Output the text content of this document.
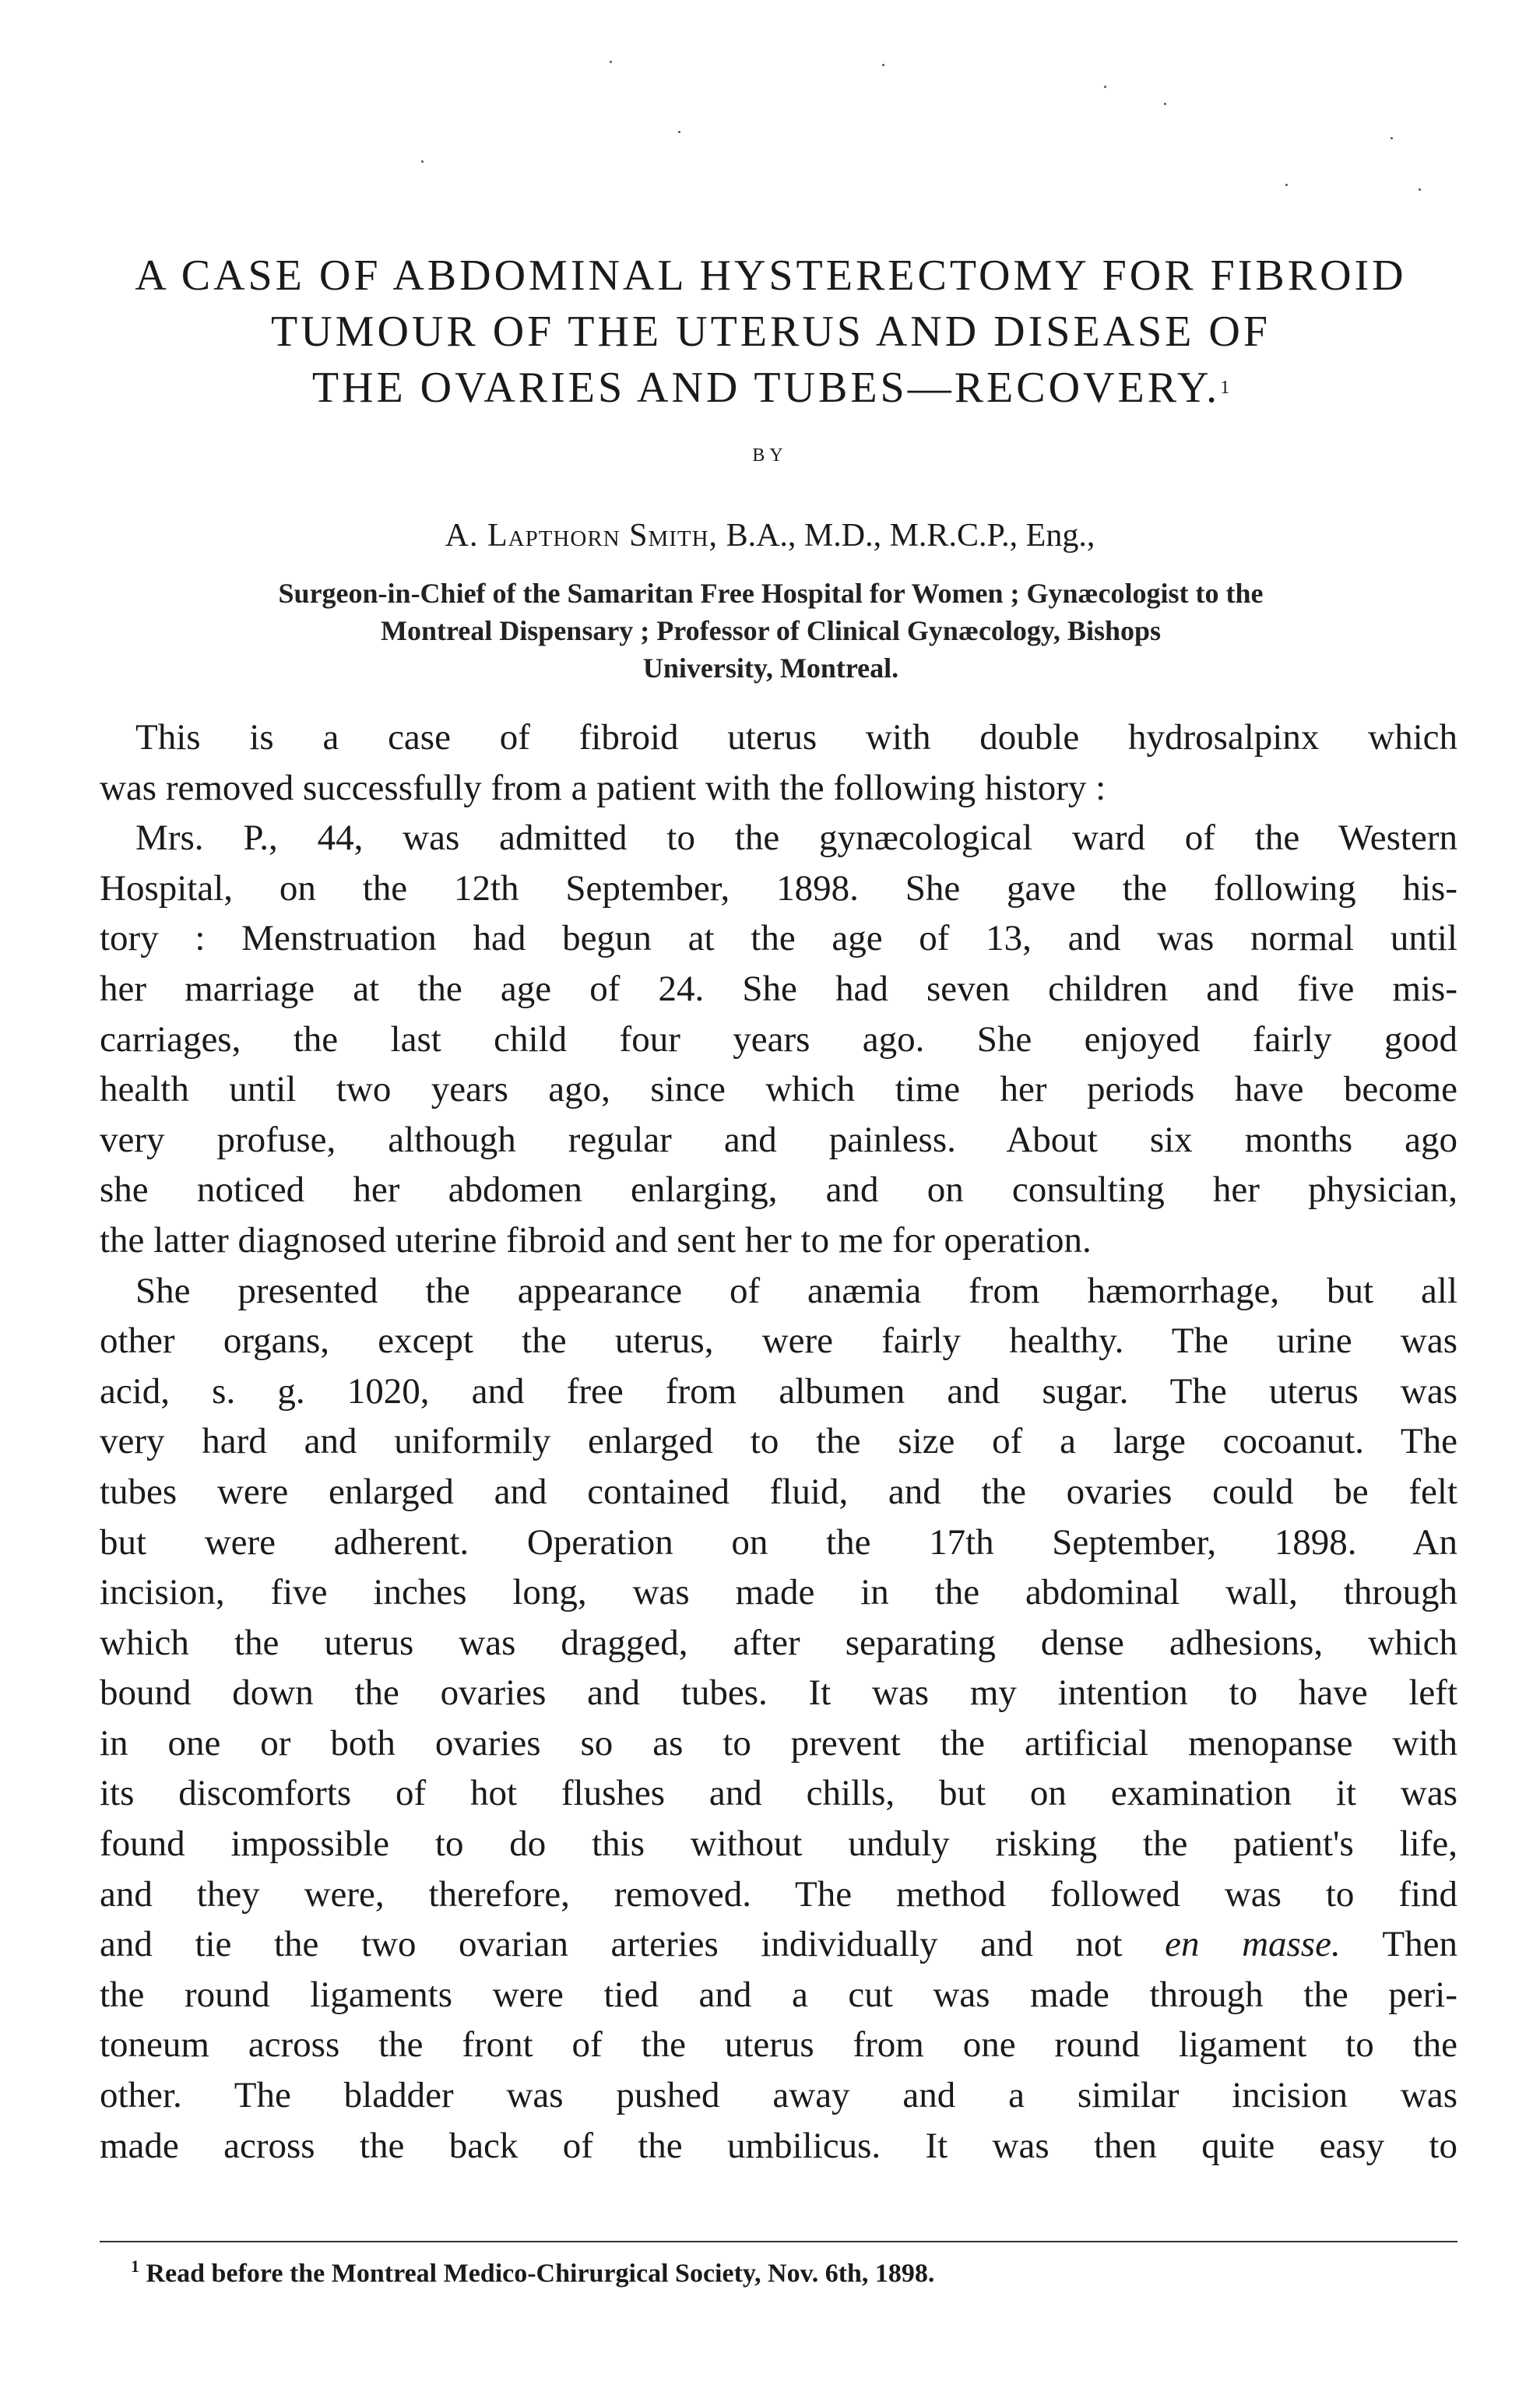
A CASE OF ABDOMINAL HYSTERECTOMY FOR FIBROID
TUMOUR OF THE UTERUS AND DISEASE OF
THE OVARIES AND TUBES—RECOVERY.$^1$
BY
A. Lapthorn Smith, B.A., M.D., M.R.C.P., Eng.,
Surgeon-in-Chief of the Samaritan Free Hospital for Women ; Gynæcologist to the
Montreal Dispensary ; Professor of Clinical Gynæcology, Bishops
University, Montreal.
This is a case of fibroid uterus with double hydrosalpinx which
was removed successfully from a patient with the following history :
Mrs. P., 44, was admitted to the gynæcological ward of the Western
Hospital, on the 12th September, 1898. She gave the following his-
tory : Menstruation had begun at the age of 13, and was normal until
her marriage at the age of 24. She had seven children and five mis-
carriages, the last child four years ago. She enjoyed fairly good
health until two years ago, since which time her periods have become
very profuse, although regular and painless. About six months ago
she noticed her abdomen enlarging, and on consulting her physician,
the latter diagnosed uterine fibroid and sent her to me for operation.
She presented the appearance of anæmia from hæmorrhage, but all
other organs, except the uterus, were fairly healthy. The urine was
acid, s. g. 1020, and free from albumen and sugar. The uterus was
very hard and uniformily enlarged to the size of a large cocoanut. The
tubes were enlarged and contained fluid, and the ovaries could be felt
but were adherent. Operation on the 17th September, 1898. An
incision, five inches long, was made in the abdominal wall, through
which the uterus was dragged, after separating dense adhesions, which
bound down the ovaries and tubes. It was my intention to have left
in one or both ovaries so as to prevent the artificial menopanse with
its discomforts of hot flushes and chills, but on examination it was
found impossible to do this without unduly risking the patient's life,
and they were, therefore, removed. The method followed was to find
and tie the two ovarian arteries individually and not en masse. Then
the round ligaments were tied and a cut was made through the peri-
toneum across the front of the uterus from one round ligament to the
other. The bladder was pushed away and a similar incision was
made across the back of the umbilicus. It was then quite easy to
$^1$ Read before the Montreal Medico-Chirurgical Society, Nov. 6th, 1898.
